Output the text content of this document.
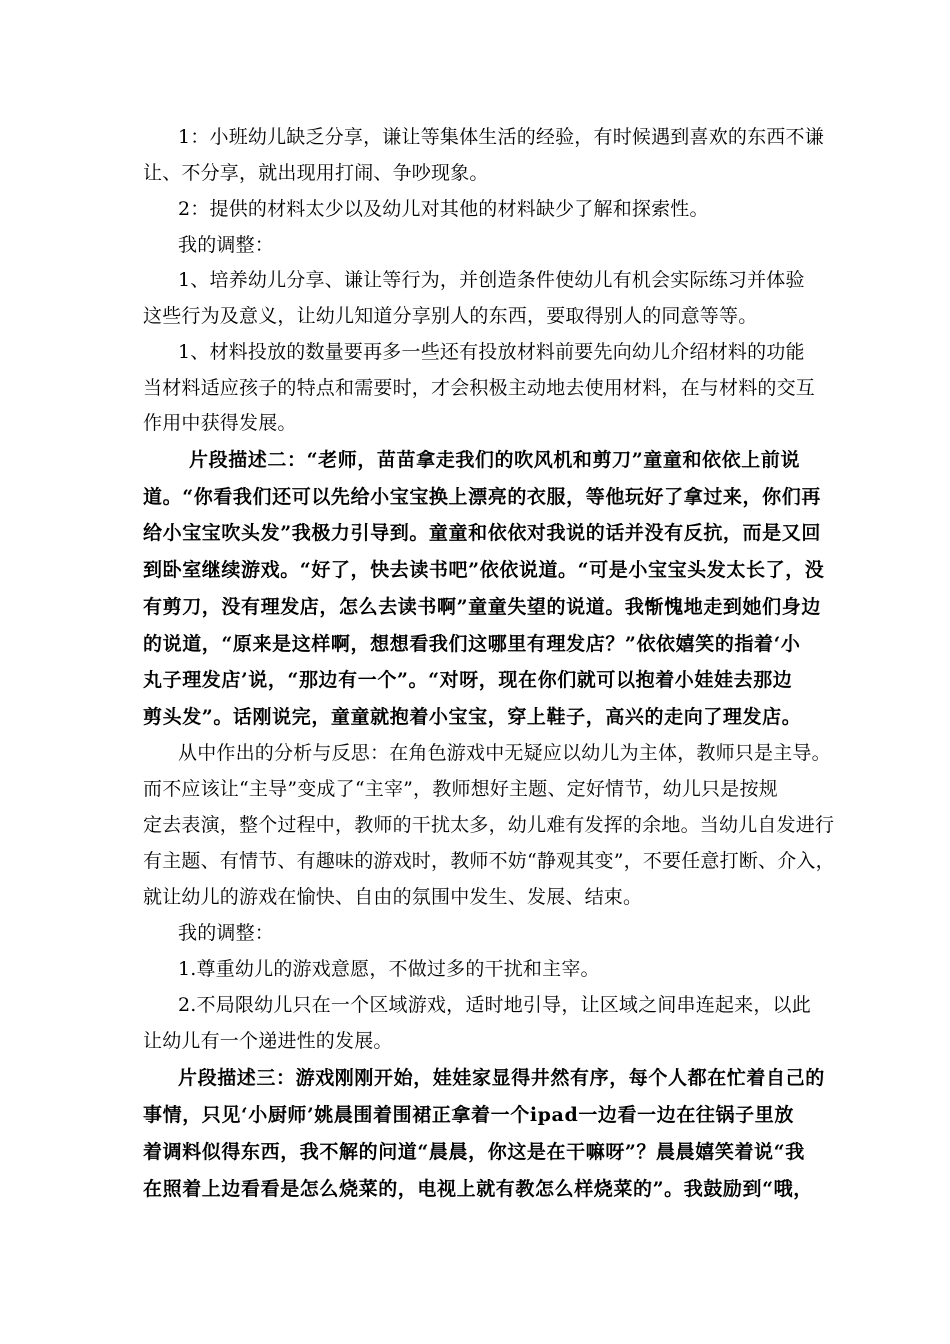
1：小班幼儿缺乏分享，谦让等集体生活的经验，有时候遇到喜欢的东西不谦
让、不分享，就出现用打闹、争吵现象。
2：提供的材料太少以及幼儿对其他的材料缺少了解和探索性。
我的调整：
1、培养幼儿分享、谦让等行为，并创造条件使幼儿有机会实际练习并体验
这些行为及意义，让幼儿知道分享别人的东西，要取得别人的同意等等。
1、材料投放的数量要再多一些还有投放材料前要先向幼儿介绍材料的功能
当材料适应孩子的特点和需要时，才会积极主动地去使用材料，在与材料的交互
作用中获得发展。
片段描述二：“老师，苗苗拿走我们的吹风机和剪刀”童童和依依上前说
道。“你看我们还可以先给小宝宝换上漂亮的衣服，等他玩好了拿过来，你们再
给小宝宝吹头发”我极力引导到。童童和依依对我说的话并没有反抗，而是又回
到卧室继续游戏。“好了，快去读书吧”依依说道。“可是小宝宝头发太长了，没
有剪刀，没有理发店，怎么去读书啊”童童失望的说道。我惭愧地走到她们身边
的说道，“原来是这样啊，想想看我们这哪里有理发店？”依依嬉笑的指着‘小
丸子理发店’说，“那边有一个”。“对呀，现在你们就可以抱着小娃娃去那边
剪头发”。话刚说完，童童就抱着小宝宝，穿上鞋子，高兴的走向了理发店。
从中作出的分析与反思：在角色游戏中无疑应以幼儿为主体，教师只是主导。
而不应该让“主导”变成了“主宰”，教师想好主题、定好情节，幼儿只是按规
定去表演，整个过程中，教师的干扰太多，幼儿难有发挥的余地。当幼儿自发进行
有主题、有情节、有趣味的游戏时，教师不妨“静观其变”，不要任意打断、介入，
就让幼儿的游戏在愉快、自由的氛围中发生、发展、结束。
我的调整：
1.尊重幼儿的游戏意愿，不做过多的干扰和主宰。
2.不局限幼儿只在一个区域游戏，适时地引导，让区域之间串连起来，以此
让幼儿有一个递进性的发展。
片段描述三：游戏刚刚开始，娃娃家显得井然有序，每个人都在忙着自己的
事情，只见‘小厨师’姚晨围着围裙正拿着一个ipad一边看一边在往锅子里放
着调料似得东西，我不解的问道“晨晨，你这是在干嘛呀”？晨晨嬉笑着说“我
在照着上边看看是怎么烧菜的，电视上就有教怎么样烧菜的”。我鼓励到“哦，
